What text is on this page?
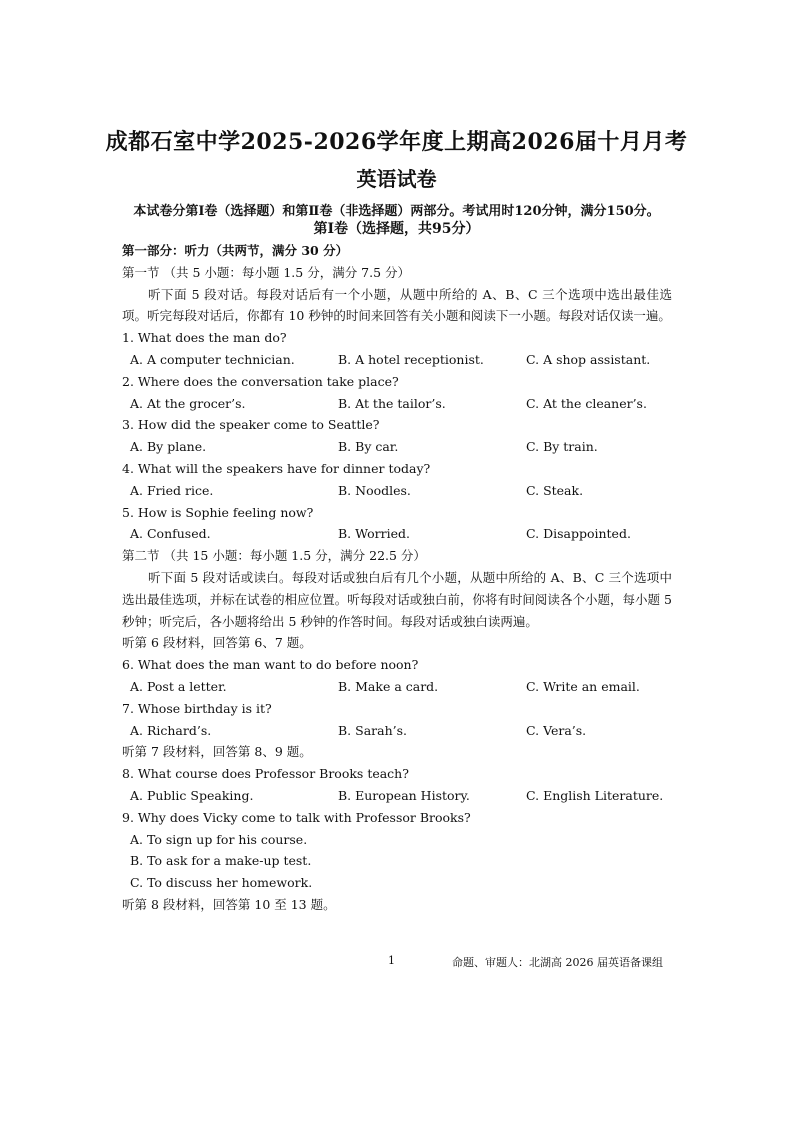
成都石室中学2025-2026学年度上期高2026届十月月考
英语试卷
本试卷分第Ⅰ卷（选择题）和第Ⅱ卷（非选择题）两部分。考试用时120分钟，满分150分。
第Ⅰ卷（选择题，共95分）
第一部分：听力（共两节，满分 30 分）
第一节 （共 5 小题：每小题 1.5 分，满分 7.5 分）
听下面 5 段对话。每段对话后有一个小题，从题中所给的 A、B、C 三个选项中选出最佳选项。听完每段对话后，你都有 10 秒钟的时间来回答有关小题和阅读下一小题。每段对话仅读一遍。
1. What does the man do?
A. A computer technician.	B. A hotel receptionist.	C. A shop assistant.
2. Where does the conversation take place?
A. At the grocer’s.	B. At the tailor’s.	C. At the cleaner’s.
3. How did the speaker come to Seattle?
A. By plane.	B. By car.	C. By train.
4. What will the speakers have for dinner today?
A. Fried rice.	B. Noodles.	C. Steak.
5. How is Sophie feeling now?
A. Confused.	B. Worried.	C. Disappointed.
第二节 （共 15 小题：每小题 1.5 分，满分 22.5 分）
听下面 5 段对话或读白。每段对话或独白后有几个小题，从题中所给的 A、B、C 三个选项中选出最佳选项，并标在试卷的相应位置。听每段对话或独白前，你将有时间阅读各个小题，每小题 5 秒钟；听完后，各小题将给出 5 秒钟的作答时间。每段对话或独白读两遍。
听第 6 段材料，回答第 6、7 题。
6. What does the man want to do before noon?
A. Post a letter.	B. Make a card.	C. Write an email.
7. Whose birthday is it?
A. Richard’s.	B. Sarah’s.	C. Vera’s.
听第 7 段材料，回答第 8、9 题。
8. What course does Professor Brooks teach?
A. Public Speaking.	B. European History.	C. English Literature.
9. Why does Vicky come to talk with Professor Brooks?
A. To sign up for his course.
B. To ask for a make-up test.
C. To discuss her homework.
听第 8 段材料，回答第 10 至 13 题。
1	命题、审题人：北湖高 2026 届英语备课组
